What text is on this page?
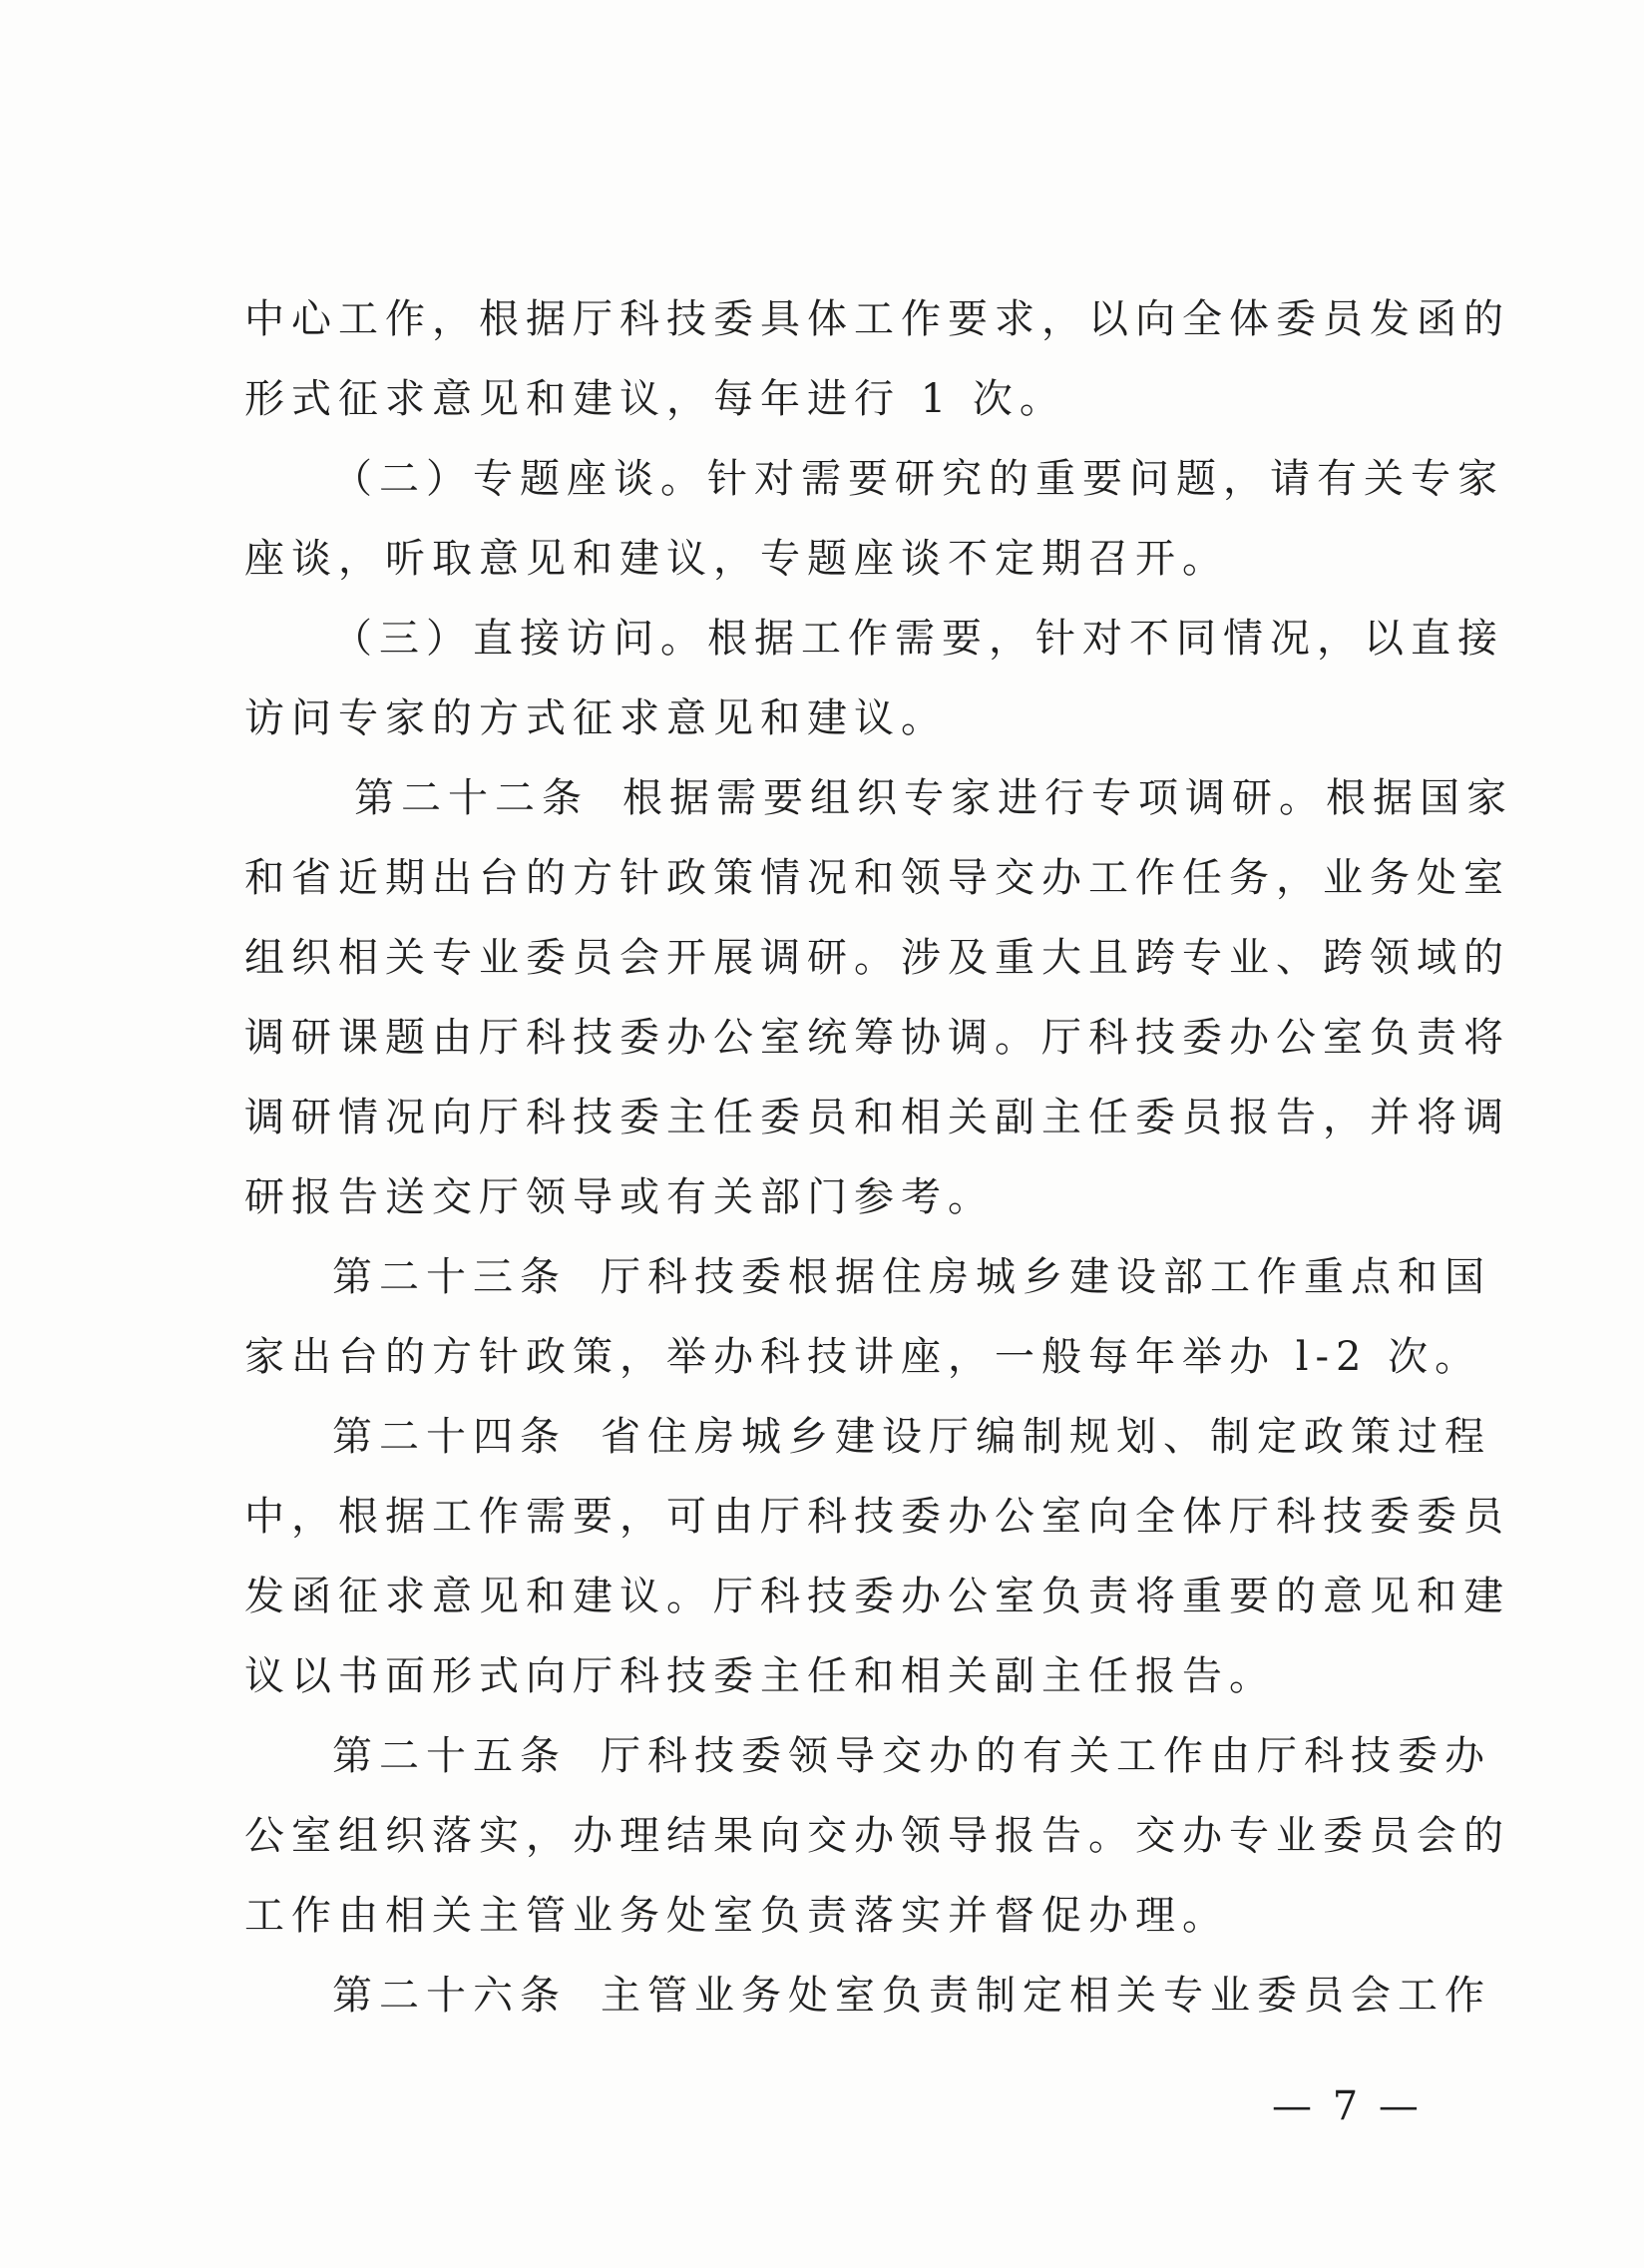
中心工作，根据厅科技委具体工作要求，以向全体委员发函的
形式征求意见和建议，每年进行 1 次。
（二）专题座谈。针对需要研究的重要问题，请有关专家
座谈，听取意见和建议，专题座谈不定期召开。
（三）直接访问。根据工作需要，针对不同情况，以直接
访问专家的方式征求意见和建议。
第二十二条 根据需要组织专家进行专项调研。根据国家
和省近期出台的方针政策情况和领导交办工作任务，业务处室
组织相关专业委员会开展调研。涉及重大且跨专业、跨领域的
调研课题由厅科技委办公室统筹协调。厅科技委办公室负责将
调研情况向厅科技委主任委员和相关副主任委员报告，并将调
研报告送交厅领导或有关部门参考。
第二十三条 厅科技委根据住房城乡建设部工作重点和国
家出台的方针政策，举办科技讲座，一般每年举办 l-2 次。
第二十四条 省住房城乡建设厅编制规划、制定政策过程
中，根据工作需要，可由厅科技委办公室向全体厅科技委委员
发函征求意见和建议。厅科技委办公室负责将重要的意见和建
议以书面形式向厅科技委主任和相关副主任报告。
第二十五条 厅科技委领导交办的有关工作由厅科技委办
公室组织落实，办理结果向交办领导报告。交办专业委员会的
工作由相关主管业务处室负责落实并督促办理。
第二十六条 主管业务处室负责制定相关专业委员会工作
— 7 —
